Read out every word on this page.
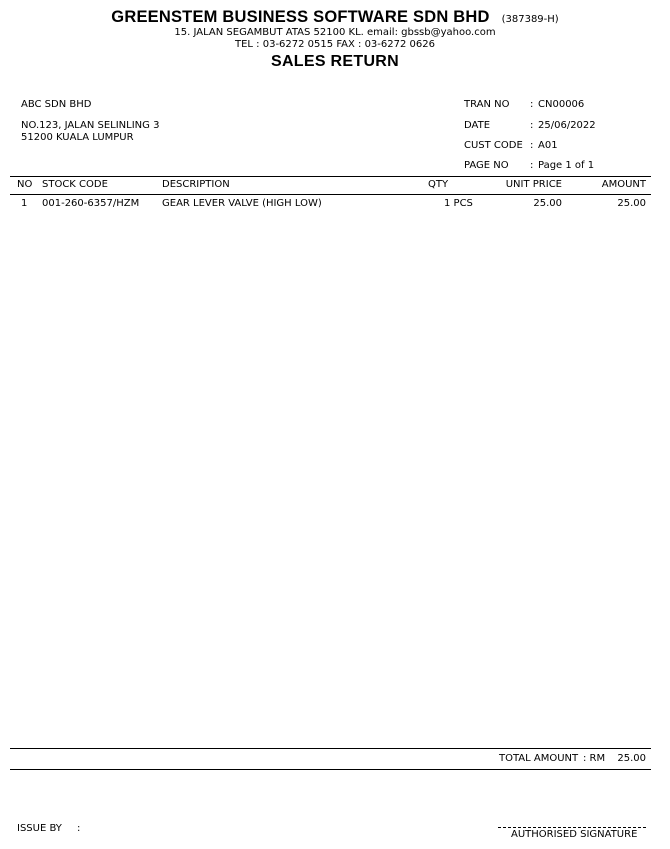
GREENSTEM BUSINESS SOFTWARE SDN BHD (387389-H)
15. JALAN SEGAMBUT ATAS 52100 KL. email: gbssb@yahoo.com
TEL : 03-6272 0515 FAX : 03-6272 0626
SALES RETURN
ABC SDN BHD
NO.123, JALAN SELINLING 3
51200 KUALA LUMPUR
TRAN NO : CN00006
DATE	: 25/06/2022
CUST CODE : A01
PAGE NO : Page 1 of 1
NO STOCK CODE	DESCRIPTION	QTY	UNIT PRICE	AMOUNT
1 001-260-6357/HZM GEAR LEVER VALVE (HIGH LOW)	1 PCS	25.00	25.00
TOTAL AMOUNT : RM	25.00
ISSUE BY :
AUTHORISED SIGNATURE
